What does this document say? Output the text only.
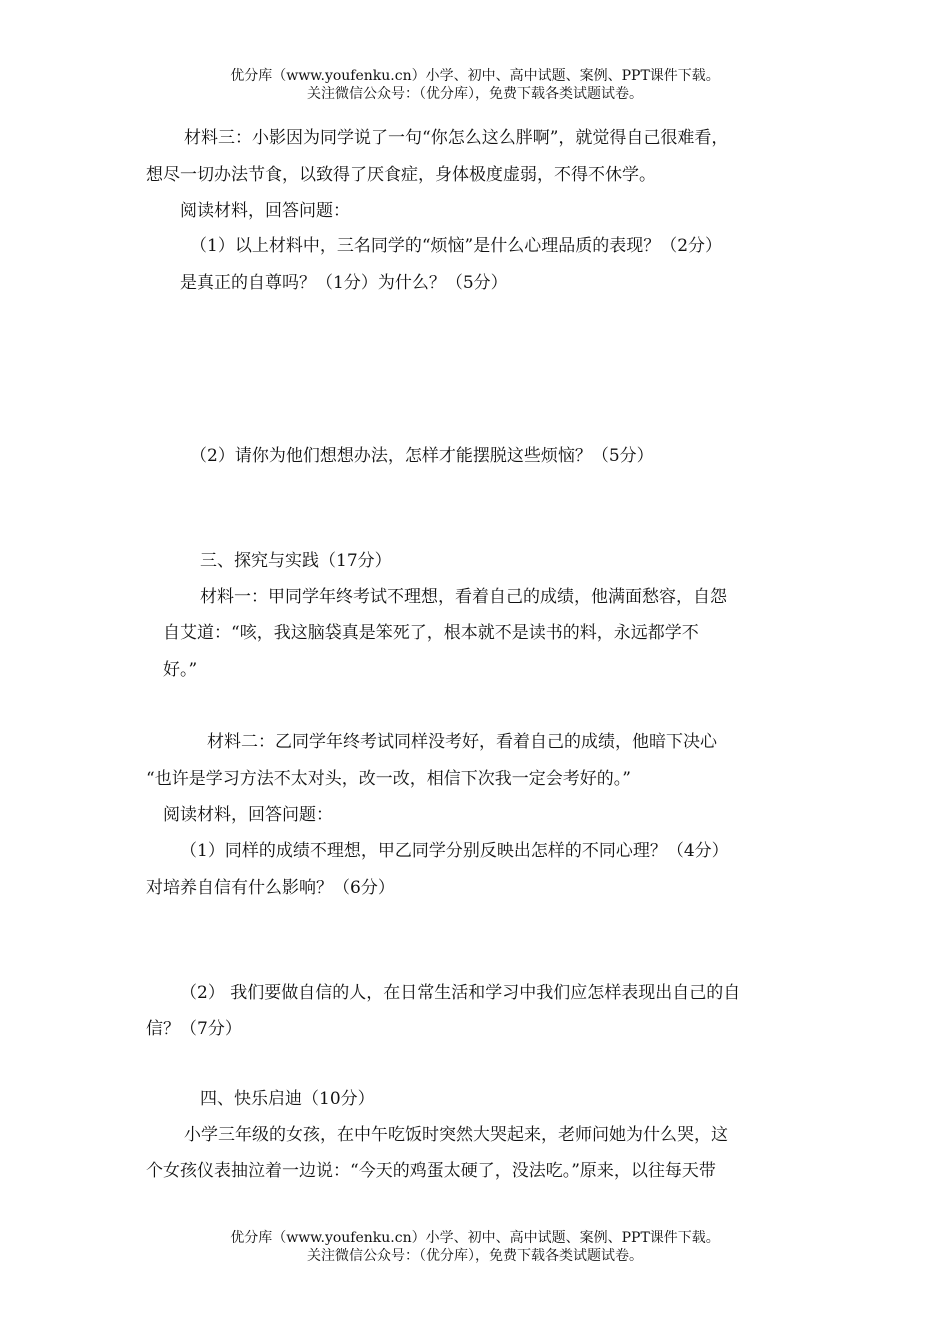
优分库（www.youfenku.cn）小学、初中、高中试题、案例、PPT课件下载。
关注微信公众号：（优分库），免费下载各类试题试卷。
材料三：小影因为同学说了一句“你怎么这么胖啊”，就觉得自己很难看，
想尽一切办法节食，以致得了厌食症，身体极度虚弱，不得不休学。
阅读材料，回答问题：
（1）以上材料中，三名同学的“烦恼”是什么心理品质的表现？（2分）
是真正的自尊吗？（1分）为什么？（5分）
（2）请你为他们想想办法，怎样才能摆脱这些烦恼？（5分）
三、探究与实践（17分）
材料一：甲同学年终考试不理想，看着自己的成绩，他满面愁容，自怨
自艾道：“咳，我这脑袋真是笨死了，根本就不是读书的料，永远都学不
好。”
材料二：乙同学年终考试同样没考好，看着自己的成绩，他暗下决心
“也许是学习方法不太对头，改一改，相信下次我一定会考好的。”
阅读材料，回答问题：
（1）同样的成绩不理想，甲乙同学分别反映出怎样的不同心理？（4分）
对培养自信有什么影响？（6分）
（2） 我们要做自信的人，在日常生活和学习中我们应怎样表现出自己的自
信？（7分）
四、快乐启迪（10分）
小学三年级的女孩，在中午吃饭时突然大哭起来，老师问她为什么哭，这
个女孩仪表抽泣着一边说：“今天的鸡蛋太硬了，没法吃。”原来，以往每天带
优分库（www.youfenku.cn）小学、初中、高中试题、案例、PPT课件下载。
关注微信公众号：（优分库），免费下载各类试题试卷。
